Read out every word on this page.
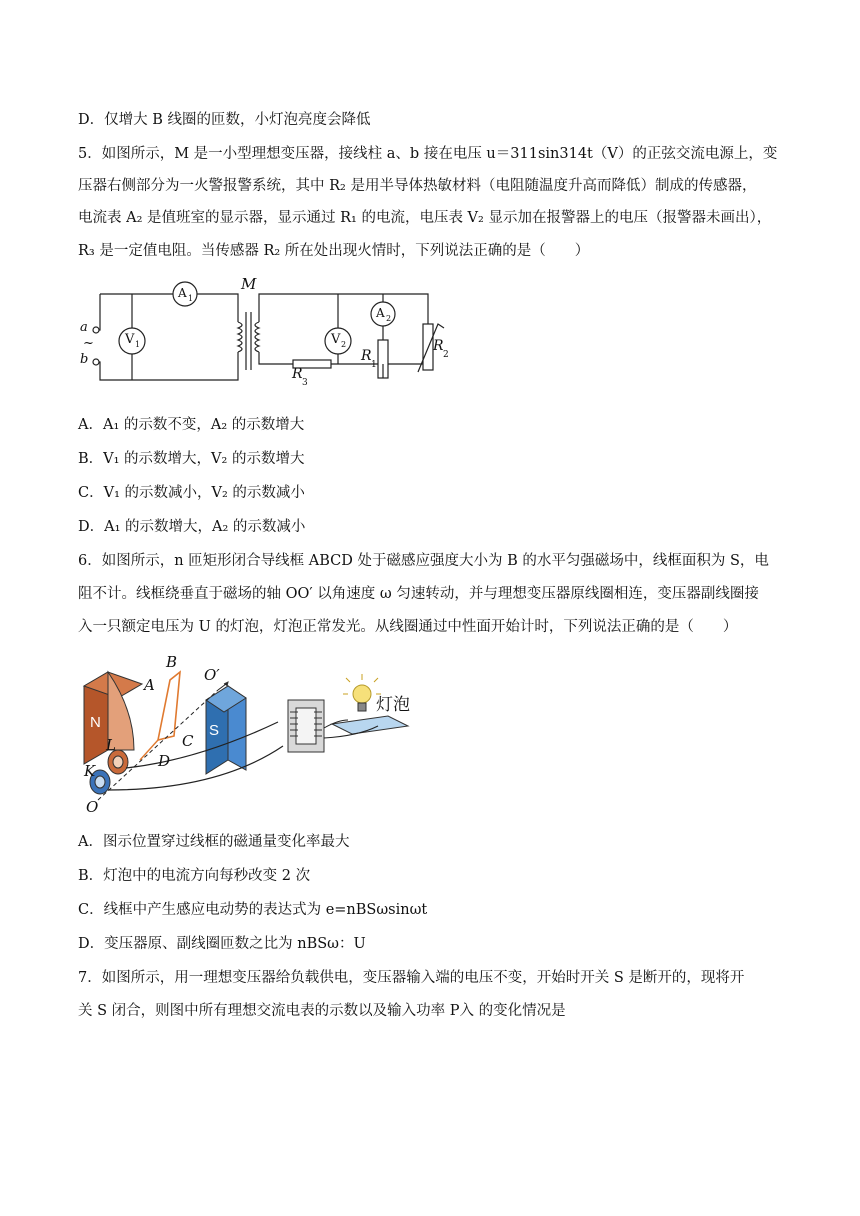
D．仅增大 B 线圈的匝数，小灯泡亮度会降低
5．如图所示，M 是一小型理想变压器，接线柱 a、b 接在电压 u＝311sin314t（V）的正弦交流电源上，变
压器右侧部分为一火警报警系统，其中 R₂ 是用半导体热敏材料（电阻随温度升高而降低）制成的传感器，
电流表 A₂ 是值班室的显示器，显示通过 R₁ 的电流，电压表 V₂ 显示加在报警器上的电压（报警器未画出），
R₃ 是一定值电阻。当传感器 R₂ 所在处出现火情时，下列说法正确的是（　　）
M
A 1
V 1	V 2
A 2
a
~
b	R
1
R
2
R
3
A．A₁ 的示数不变，A₂ 的示数增大
B．V₁ 的示数增大，V₂ 的示数增大
C．V₁ 的示数减小，V₂ 的示数减小
D．A₁ 的示数增大，A₂ 的示数减小
6．如图所示，n 匝矩形闭合导线框 ABCD 处于磁感应强度大小为 B 的水平匀强磁场中，线框面积为 S，电
阻不计。线框绕垂直于磁场的轴 OO′ 以角速度 ω 匀速转动，并与理想变压器原线圈相连，变压器副线圈接
入一只额定电压为 U 的灯泡，灯泡正常发光。从线圈通过中性面开始计时，下列说法正确的是（　　）
N	S
A
B
C
D
O′
O
K
L
灯泡
A．图示位置穿过线框的磁通量变化率最大
B．灯泡中的电流方向每秒改变 2 次
C．线框中产生感应电动势的表达式为 e=nBSωsinωt
D．变压器原、副线圈匝数之比为 nBSω：U
7．如图所示，用一理想变压器给负载供电，变压器输入端的电压不变，开始时开关 S 是断开的，现将开
关 S 闭合，则图中所有理想交流电表的示数以及输入功率 P入 的变化情况是
